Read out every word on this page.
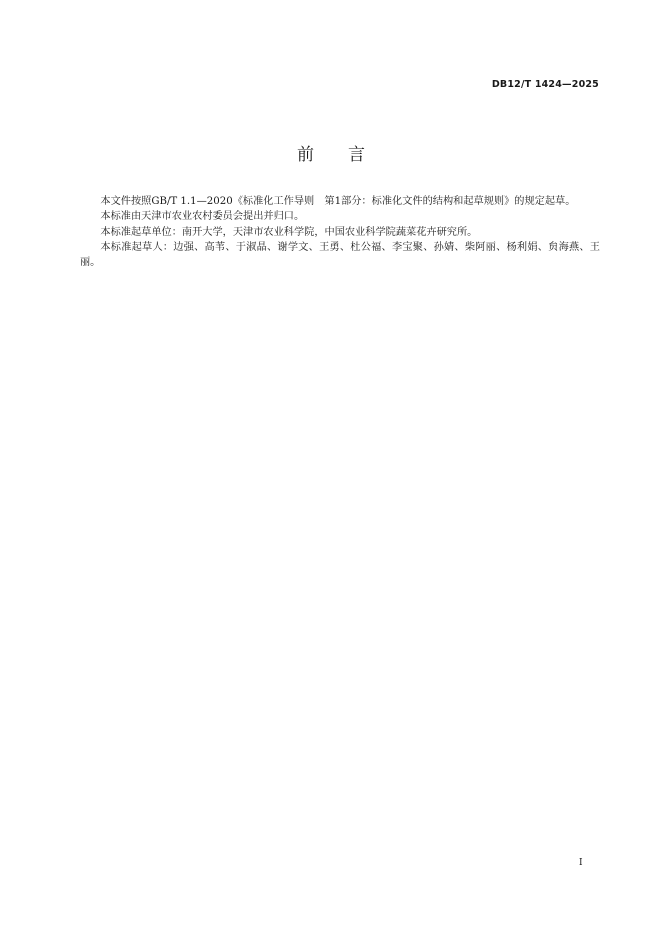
DB12/T 1424—2025
前 言

本文件按照GB/T 1.1—2020《标准化工作导则　第1部分：标准化文件的结构和起草规则》的规定起草。

本标准由天津市农业农村委员会提出并归口。

本标准起草单位：南开大学，天津市农业科学院，中国农业科学院蔬菜花卉研究所。

本标准起草人：边强、高苇、于淑晶、谢学文、王勇、杜公福、李宝聚、孙婧、柴阿丽、杨利娟、贠海燕、王丽。

I
